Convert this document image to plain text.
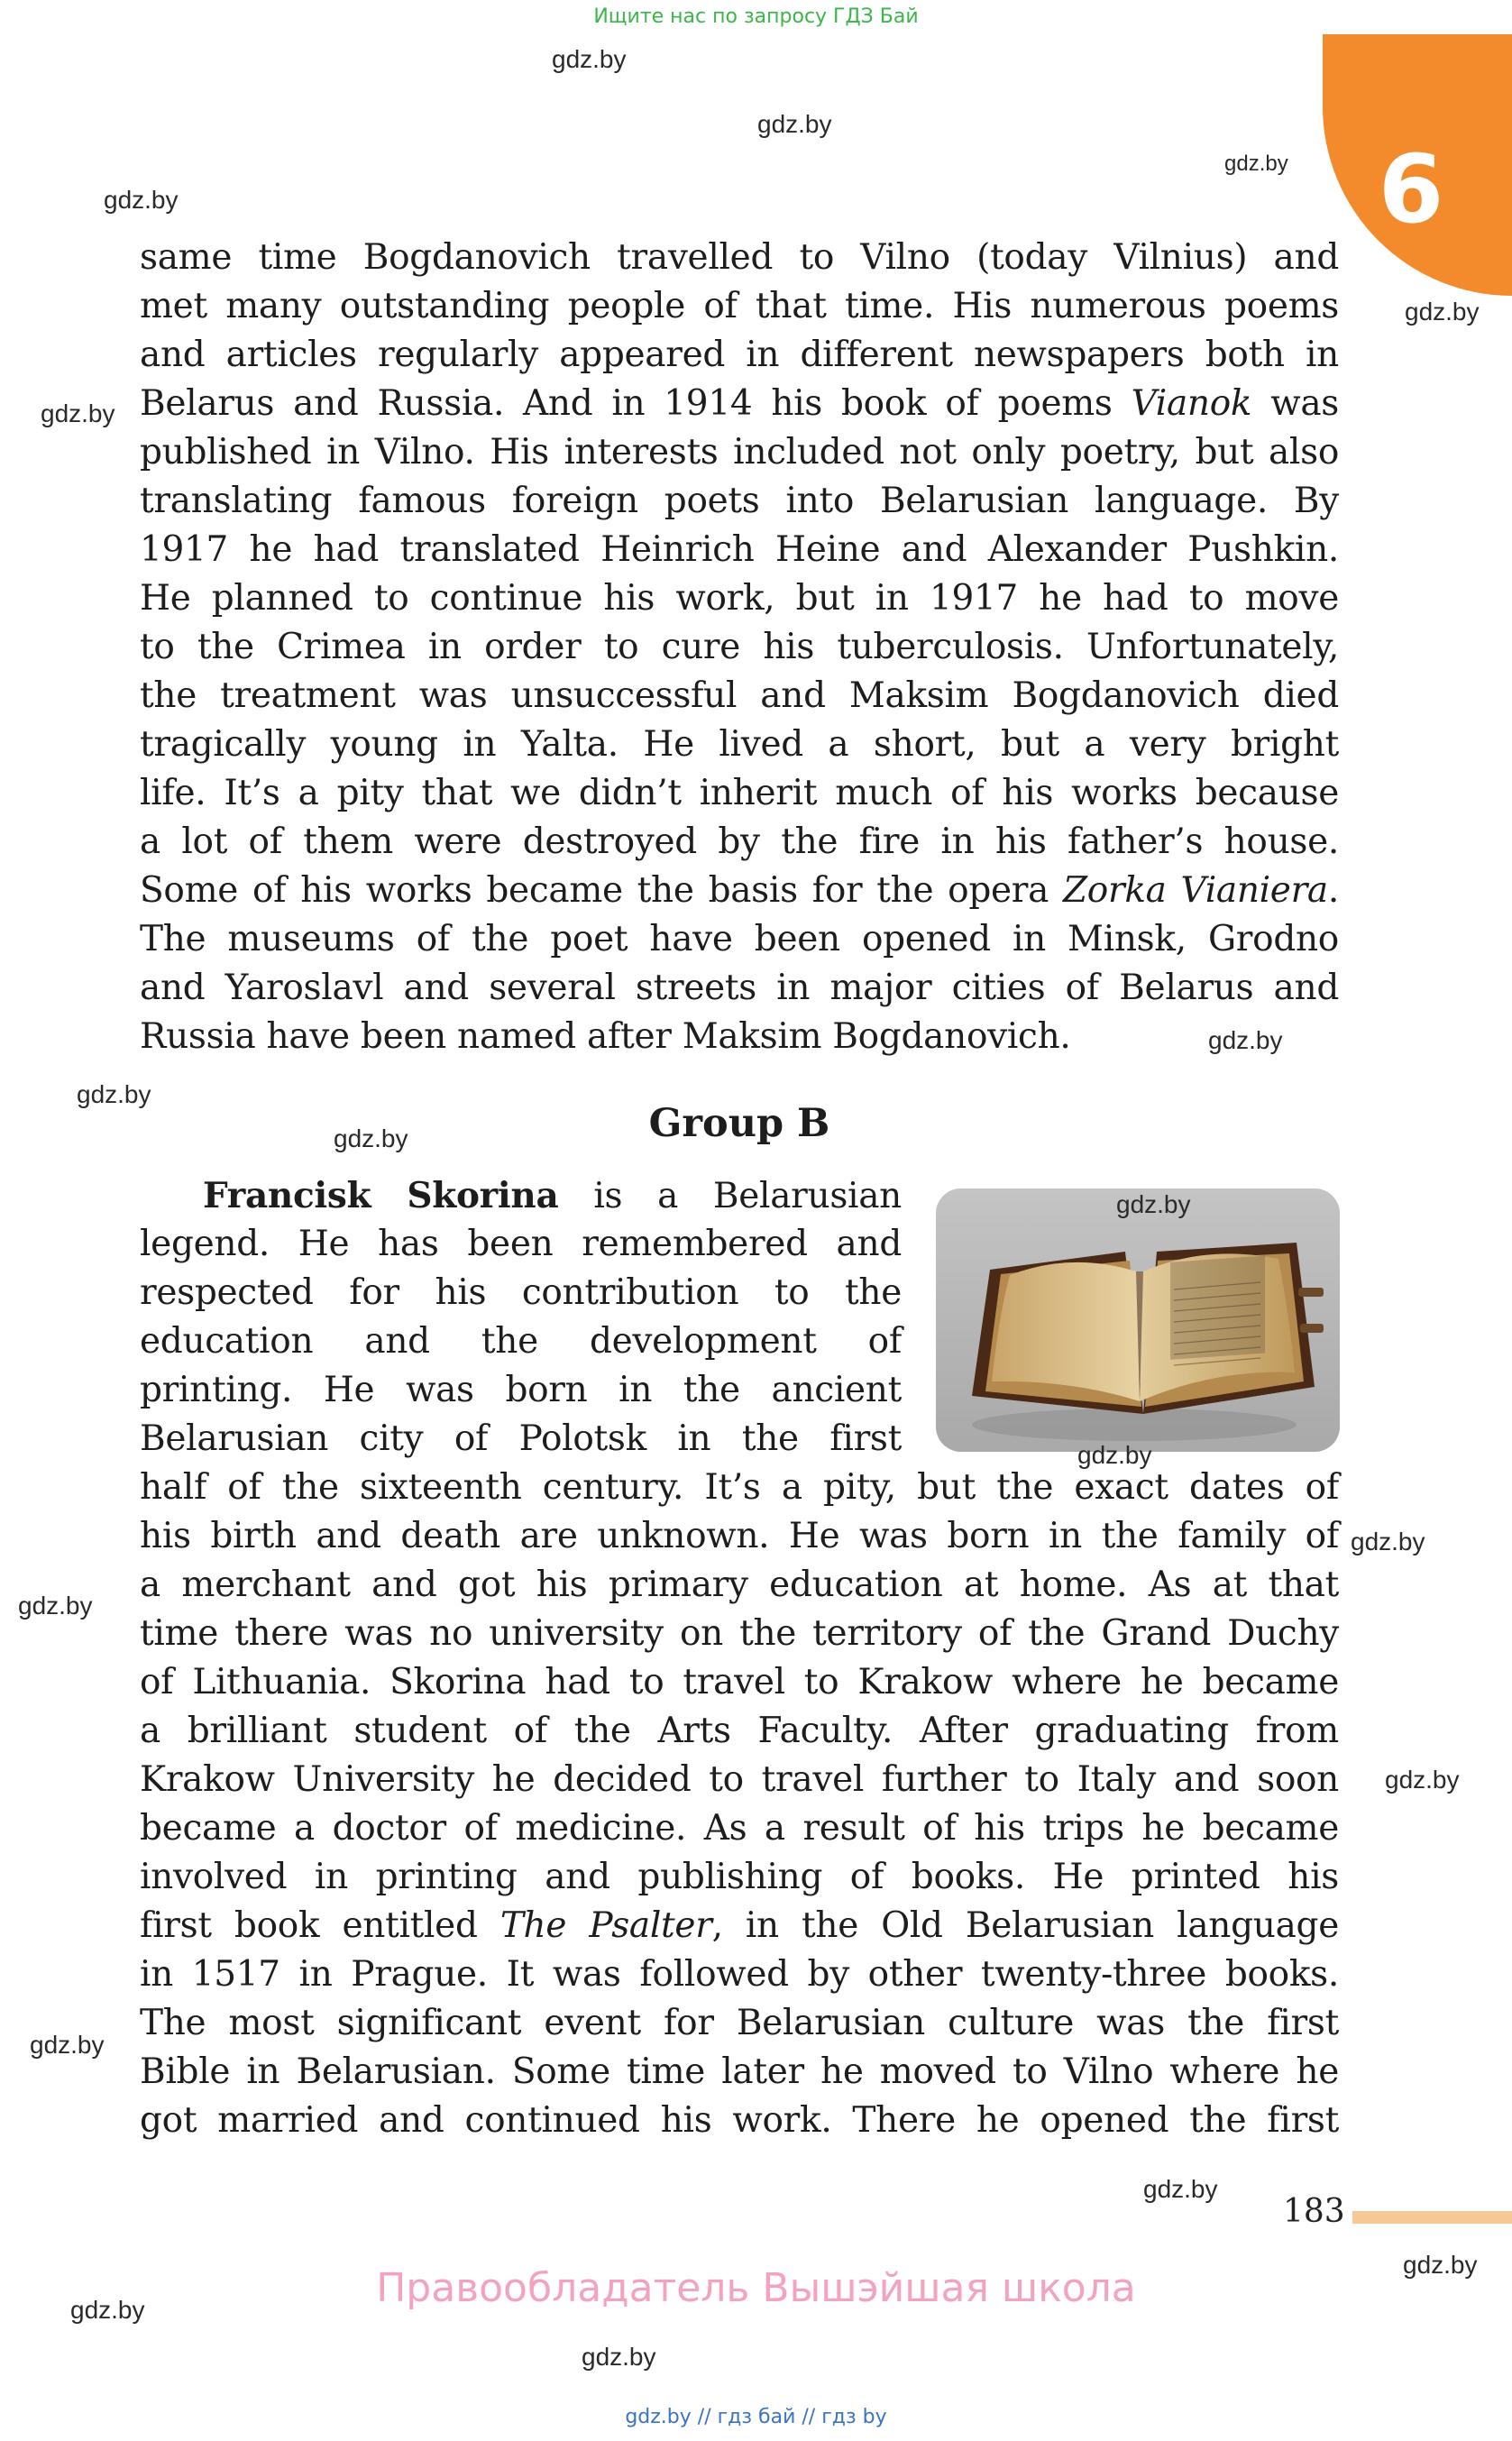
Ищите нас по запросу ГДЗ Бай
6
gdz.by
gdz.by
gdz.by
gdz.by
gdz.by
gdz.by
gdz.by
gdz.by
gdz.by
gdz.by
gdz.by
gdz.by
gdz.by
gdz.by
gdz.by
gdz.by
gdz.by
gdz.by
gdz.by
same time Bogdanovich travelled to Vilno (today Vilnius) and
met many outstanding people of that time. His numerous poems
and articles regularly appeared in different newspapers both in
Belarus and Russia. And in 1914 his book of poems Vianok was
published in Vilno. His interests included not only poetry, but also
translating famous foreign poets into Belarusian language. By
1917 he had translated Heinrich Heine and Alexander Pushkin.
He planned to continue his work, but in 1917 he had to move
to the Crimea in order to cure his tuberculosis. Unfortunately,
the treatment was unsuccessful and Maksim Bogdanovich died
tragically young in Yalta. He lived a short, but a very bright
life. It’s a pity that we didn’t inherit much of his works because
a lot of them were destroyed by the fire in his father’s house.
Some of his works became the basis for the opera Zorka Vianiera.
The museums of the poet have been opened in Minsk, Grodno
and Yaroslavl and several streets in major cities of Belarus and
Russia have been named after Maksim Bogdanovich.
Group B
Francisk Skorina is a Belarusian
legend. He has been remembered and
respected for his contribution to the
education and the development of
printing. He was born in the ancient
Belarusian city of Polotsk in the first
half of the sixteenth century. It’s a pity, but the exact dates of
his birth and death are unknown. He was born in the family of
a merchant and got his primary education at home. As at that
time there was no university on the territory of the Grand Duchy
of Lithuania. Skorina had to travel to Krakow where he became
a brilliant student of the Arts Faculty. After graduating from
Krakow University he decided to travel further to Italy and soon
became a doctor of medicine. As a result of his trips he became
involved in printing and publishing of books. He printed his
first book entitled The Psalter, in the Old Belarusian language
in 1517 in Prague. It was followed by other twenty-three books.
The most significant event for Belarusian culture was the first
Bible in Belarusian. Some time later he moved to Vilno where he
got married and continued his work. There he opened the first
183
Правообладатель Вышэйшая школа
gdz.by // гдз бай // гдз by
